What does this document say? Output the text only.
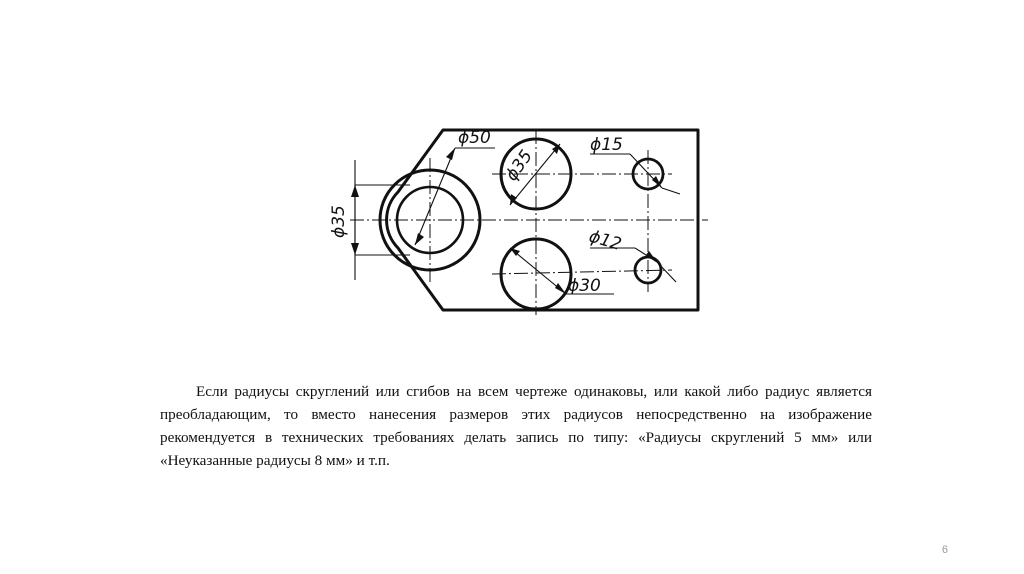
ϕ50
ϕ35
ϕ35
ϕ15
ϕ12
ϕ30

Если радиусы скруглений или сгибов на всем чертеже одинаковы, или какой либо радиус является преобладающим, то вместо нанесения размеров этих радиусов непосредственно на изображение рекомендуется в технических требованиях делать запись по типу: «Радиусы скруглений 5 мм» или «Неуказанные радиусы 8 мм» и т.п.

6
